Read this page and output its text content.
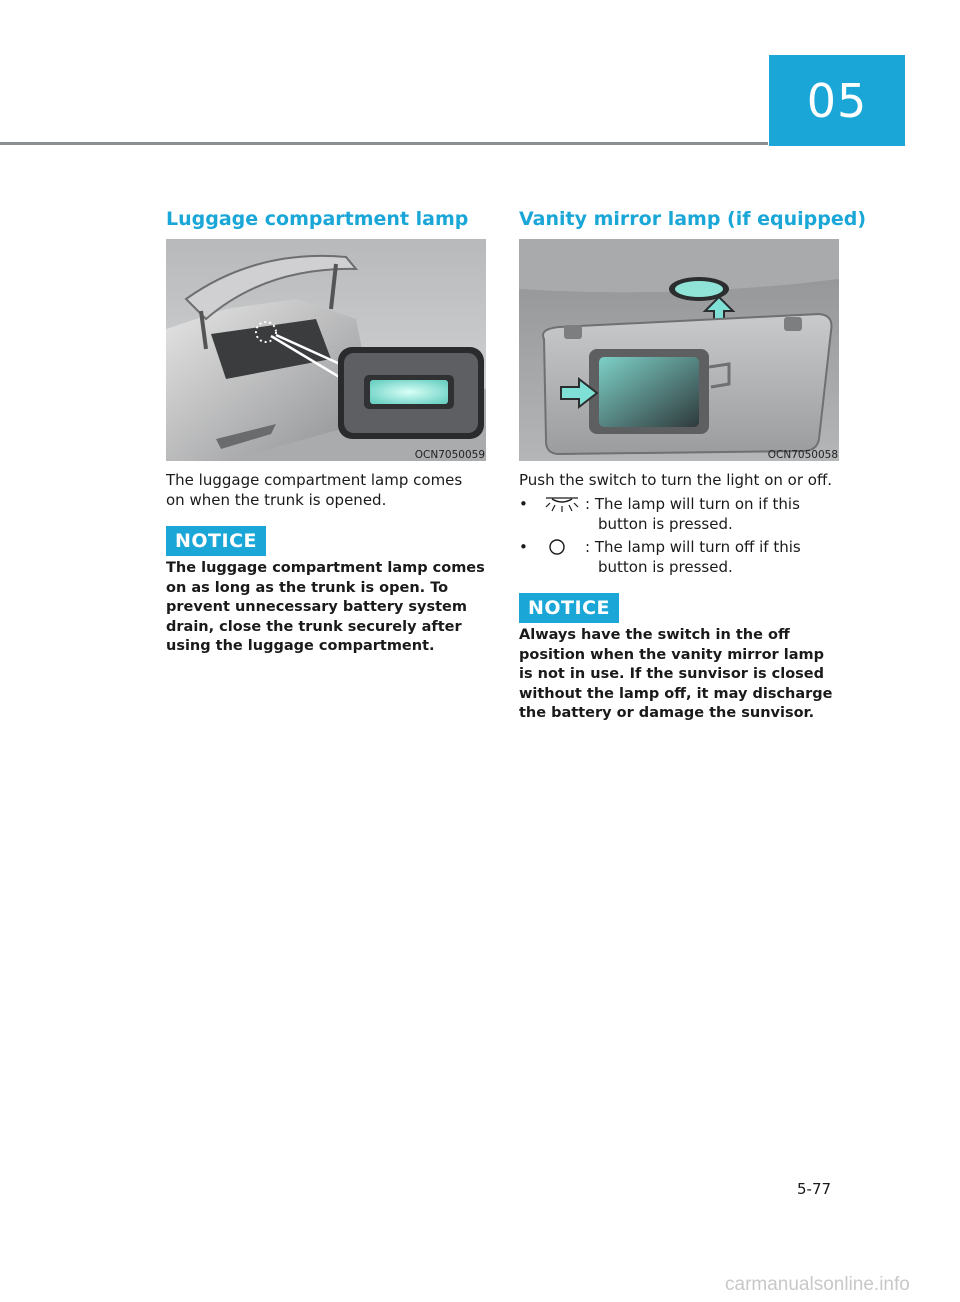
05
Luggage compartment lamp
OCN7050059
The luggage compartment lamp comes
on when the trunk is opened.
NOTICE
The luggage compartment lamp comes
on as long as the trunk is open. To
prevent unnecessary battery system
drain, close the trunk securely after
using the luggage compartment.
Vanity mirror lamp (if equipped)
OCN7050058
Push the switch to turn the light on or off.
•	: The lamp will turn on if this
button is pressed.
•	: The lamp will turn off if this
button is pressed.
NOTICE
Always have the switch in the off
position when the vanity mirror lamp
is not in use. If the sunvisor is closed
without the lamp off, it may discharge
the battery or damage the sunvisor.
5-77
carmanualsonline.info
